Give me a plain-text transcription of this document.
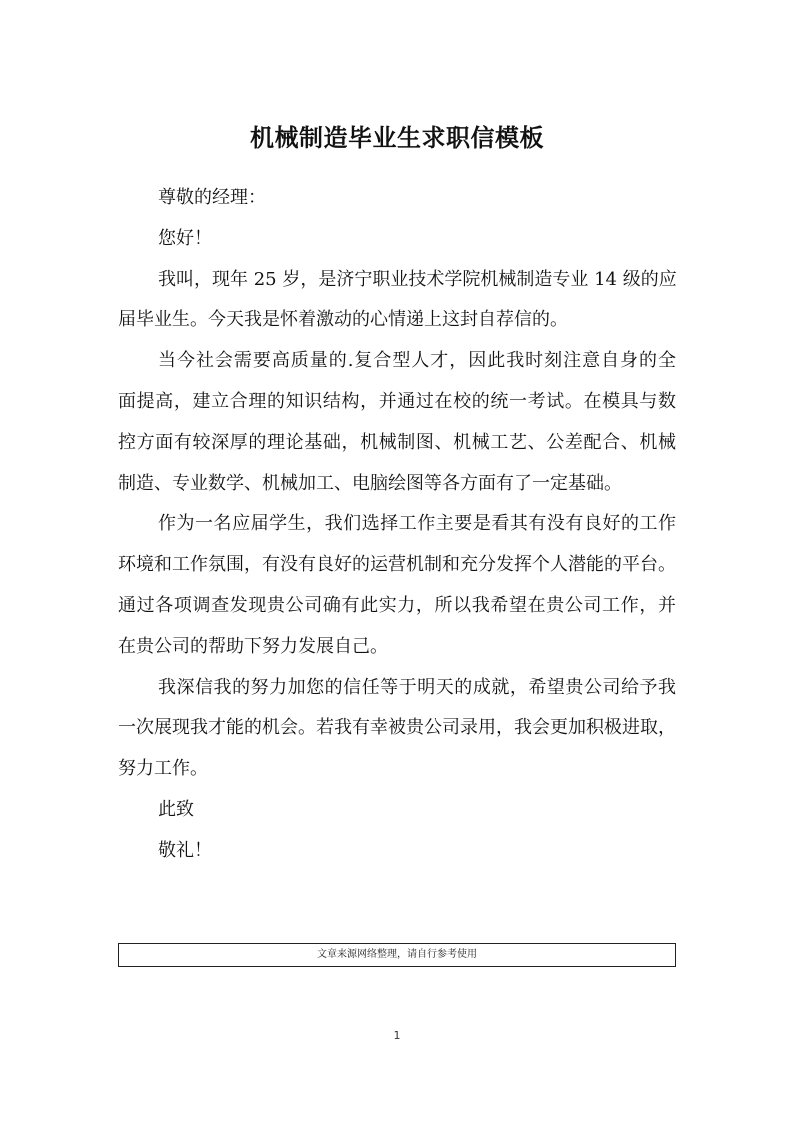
机械制造毕业生求职信模板
尊敬的经理：
您好！
我叫，现年 25 岁，是济宁职业技术学院机械制造专业 14 级的应
届毕业生。今天我是怀着激动的心情递上这封自荐信的。
当今社会需要高质量的.复合型人才，因此我时刻注意自身的全
面提高，建立合理的知识结构，并通过在校的统一考试。在模具与数
控方面有较深厚的理论基础，机械制图、机械工艺、公差配合、机械
制造、专业数学、机械加工、电脑绘图等各方面有了一定基础。
作为一名应届学生，我们选择工作主要是看其有没有良好的工作
环境和工作氛围，有没有良好的运营机制和充分发挥个人潜能的平台。
通过各项调查发现贵公司确有此实力，所以我希望在贵公司工作，并
在贵公司的帮助下努力发展自己。
我深信我的努力加您的信任等于明天的成就，希望贵公司给予我
一次展现我才能的机会。若我有幸被贵公司录用，我会更加积极进取，
努力工作。
此致
敬礼！
文章来源网络整理，请自行参考使用
1
